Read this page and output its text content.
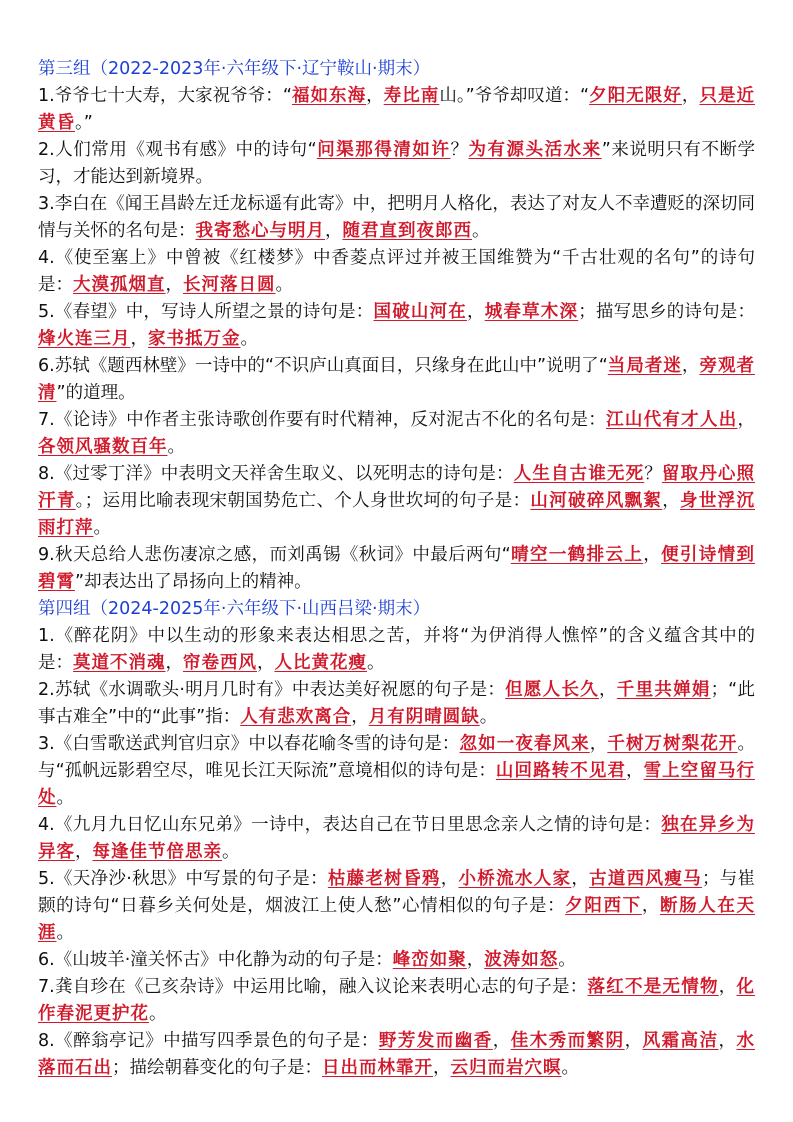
第三组（2022-2023年·六年级下·辽宁鞍山·期末）
1.爷爷七十大寿，大家祝爷爷：“福如东海，寿比南山。”爷爷却叹道：“夕阳无限好，只是近黄昏。”
2.人们常用《观书有感》中的诗句“问渠那得清如许？为有源头活水来”来说明只有不断学习，才能达到新境界。
3.李白在《闻王昌龄左迁龙标遥有此寄》中，把明月人格化，表达了对友人不幸遭贬的深切同情与关怀的名句是：我寄愁心与明月，随君直到夜郎西。
4.《使至塞上》中曾被《红楼梦》中香菱点评过并被王国维赞为“千古壮观的名句”的诗句是：大漠孤烟直，长河落日圆。
5.《春望》中，写诗人所望之景的诗句是：国破山河在，城春草木深；描写思乡的诗句是：烽火连三月，家书抵万金。
6.苏轼《题西林壁》一诗中的“不识庐山真面目，只缘身在此山中”说明了“当局者迷，旁观者清”的道理。
7.《论诗》中作者主张诗歌创作要有时代精神，反对泥古不化的名句是：江山代有才人出，各领风骚数百年。
8.《过零丁洋》中表明文天祥舍生取义、以死明志的诗句是：人生自古谁无死？留取丹心照汗青。；运用比喻表现宋朝国势危亡、个人身世坎坷的句子是：山河破碎风飘絮，身世浮沉雨打萍。
9.秋天总给人悲伤凄凉之感，而刘禹锡《秋词》中最后两句“晴空一鹤排云上，便引诗情到碧霄”却表达出了昂扬向上的精神。
第四组（2024-2025年·六年级下·山西吕梁·期末）
1.《醉花阴》中以生动的形象来表达相思之苦，并将“为伊消得人憔悴”的含义蕴含其中的是：莫道不消魂，帘卷西风，人比黄花瘦。
2.苏轼《水调歌头·明月几时有》中表达美好祝愿的句子是：但愿人长久，千里共婵娟；“此事古难全”中的“此事”指：人有悲欢离合，月有阴晴圆缺。
3.《白雪歌送武判官归京》中以春花喻冬雪的诗句是：忽如一夜春风来，千树万树梨花开。与“孤帆远影碧空尽，唯见长江天际流”意境相似的诗句是：山回路转不见君，雪上空留马行处。
4.《九月九日忆山东兄弟》一诗中，表达自己在节日里思念亲人之情的诗句是：独在异乡为异客，每逢佳节倍思亲。
5.《天净沙·秋思》中写景的句子是：枯藤老树昏鸦，小桥流水人家，古道西风瘦马；与崔颢的诗句“日暮乡关何处是，烟波江上使人愁”心情相似的句子是：夕阳西下，断肠人在天涯。
6.《山坡羊·潼关怀古》中化静为动的句子是：峰峦如聚，波涛如怒。
7.龚自珍在《己亥杂诗》中运用比喻，融入议论来表明心志的句子是：落红不是无情物，化作春泥更护花。
8.《醉翁亭记》中描写四季景色的句子是：野芳发而幽香，佳木秀而繁阴，风霜高洁，水落而石出；描绘朝暮变化的句子是：日出而林霏开，云归而岩穴暝。
